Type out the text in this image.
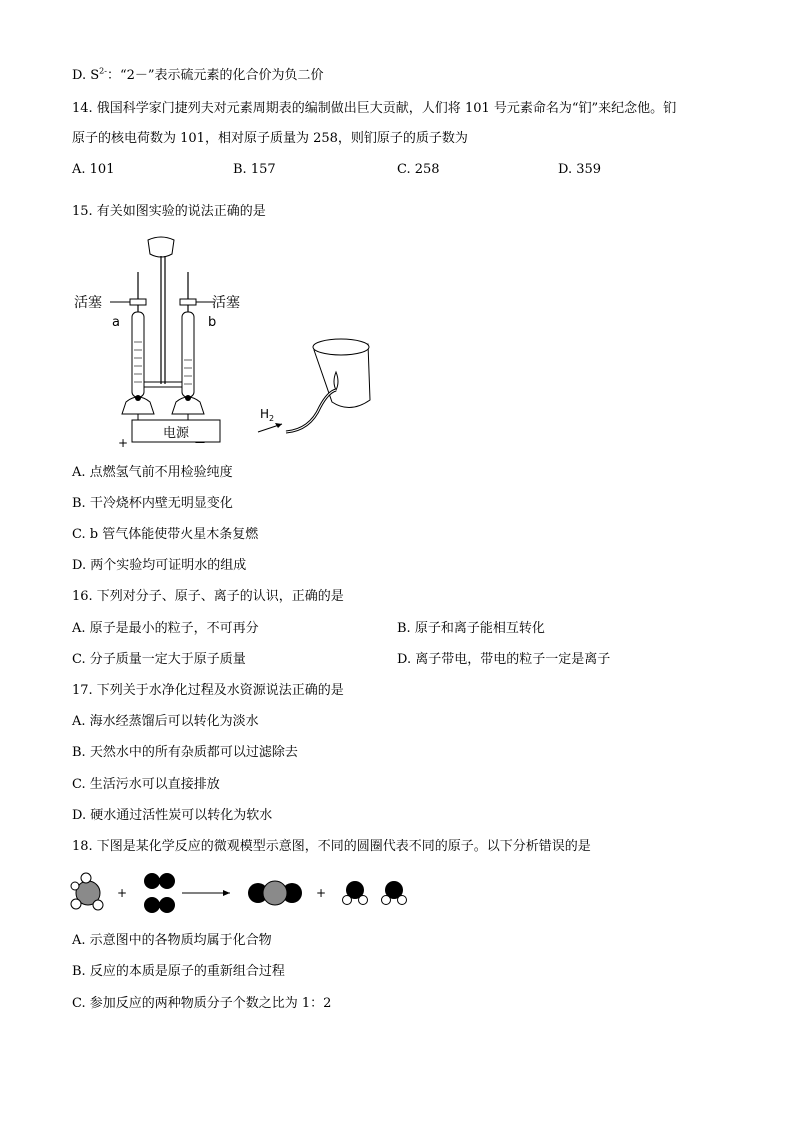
D. $S^{2-}$：“2－”表示硫元素的化合价为负二价
14. 俄国科学家门捷列夫对元素周期表的编制做出巨大贡献，人们将 101 号元素命名为“钔”来纪念他。钔
原子的核电荷数为 101，相对原子质量为 258，则钔原子的质子数为
A. 101	B. 157	C. 258	D. 359
15. 有关如图实验的说法正确的是
电源
+	－
活塞	活塞
a	b
$H_2$
A. 点燃氢气前不用检验纯度
B. 干冷烧杯内壁无明显变化
C. b 管气体能使带火星木条复燃
D. 两个实验均可证明水的组成
16. 下列对分子、原子、离子的认识，正确的是
A. 原子是最小的粒子，不可再分	B. 原子和离子能相互转化
C. 分子质量一定大于原子质量	D. 离子带电，带电的粒子一定是离子
17. 下列关于水净化过程及水资源说法正确的是
A. 海水经蒸馏后可以转化为淡水
B. 天然水中的所有杂质都可以过滤除去
C. 生活污水可以直接排放
D. 硬水通过活性炭可以转化为软水
18. 下图是某化学反应的微观模型示意图，不同的圆圈代表不同的原子。以下分析错误的是
+	+
A. 示意图中的各物质均属于化合物
B. 反应的本质是原子的重新组合过程
C. 参加反应的两种物质分子个数之比为 1：2
